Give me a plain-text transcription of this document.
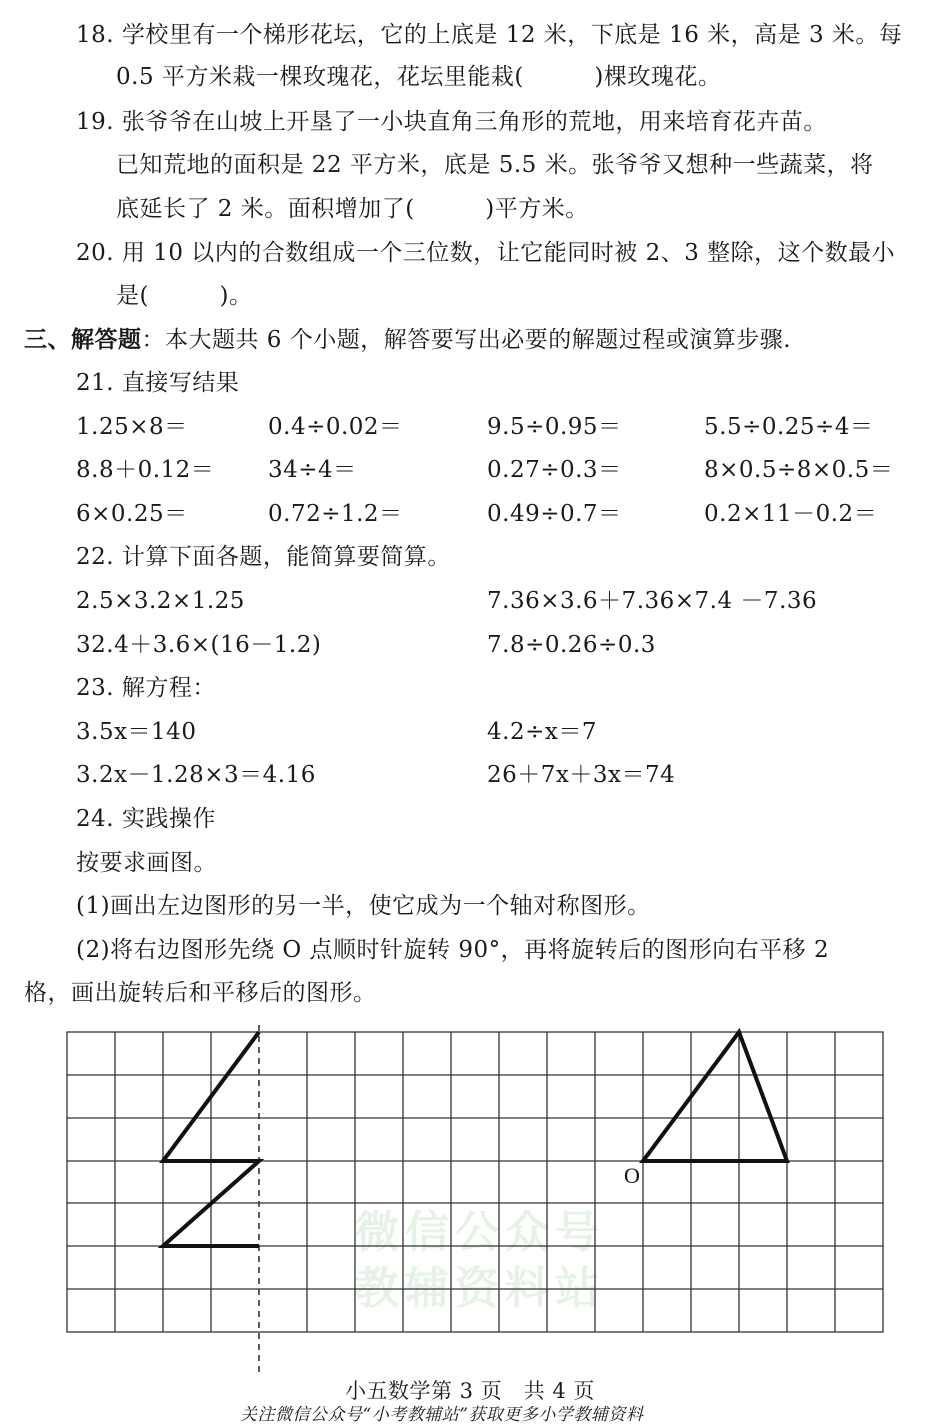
18. 学校里有一个梯形花坛，它的上底是 12 米，下底是 16 米，高是 3 米。每
0.5 平方米栽一棵玫瑰花，花坛里能栽(　　　)棵玫瑰花。
19. 张爷爷在山坡上开垦了一小块直角三角形的荒地，用来培育花卉苗。
已知荒地的面积是 22 平方米，底是 5.5 米。张爷爷又想种一些蔬菜，将
底延长了 2 米。面积增加了(　　　)平方米。
20. 用 10 以内的合数组成一个三位数，让它能同时被 2、3 整除，这个数最小
是(　　　)。
三、解答题：本大题共 6 个小题，解答要写出必要的解题过程或演算步骤.
21. 直接写结果
1.25×8＝	0.4÷0.02＝	9.5÷0.95＝	5.5÷0.25÷4＝
8.8＋0.12＝ 34÷4＝	0.27÷0.3＝	8×0.5÷8×0.5＝
6×0.25＝	0.72÷1.2＝	0.49÷0.7＝	0.2×11－0.2＝
22. 计算下面各题，能简算要简算。
2.5×3.2×1.25	7.36×3.6＋7.36×7.4 －7.36
32.4＋3.6×(16－1.2)	7.8÷0.26÷0.3
23. 解方程：
3.5x＝140	4.2÷x＝7
3.2x－1.28×3＝4.16	26＋7x＋3x＝74
24. 实践操作
按要求画图。
(1)画出左边图形的另一半，使它成为一个轴对称图形。
(2)将右边图形先绕 O 点顺时针旋转 90°，再将旋转后的图形向右平移 2
格，画出旋转后和平移后的图形。
微信公众号
教辅资料站
O
小五数学第 3 页　共 4 页
关注微信公众号“小考教辅站”获取更多小学教辅资料
